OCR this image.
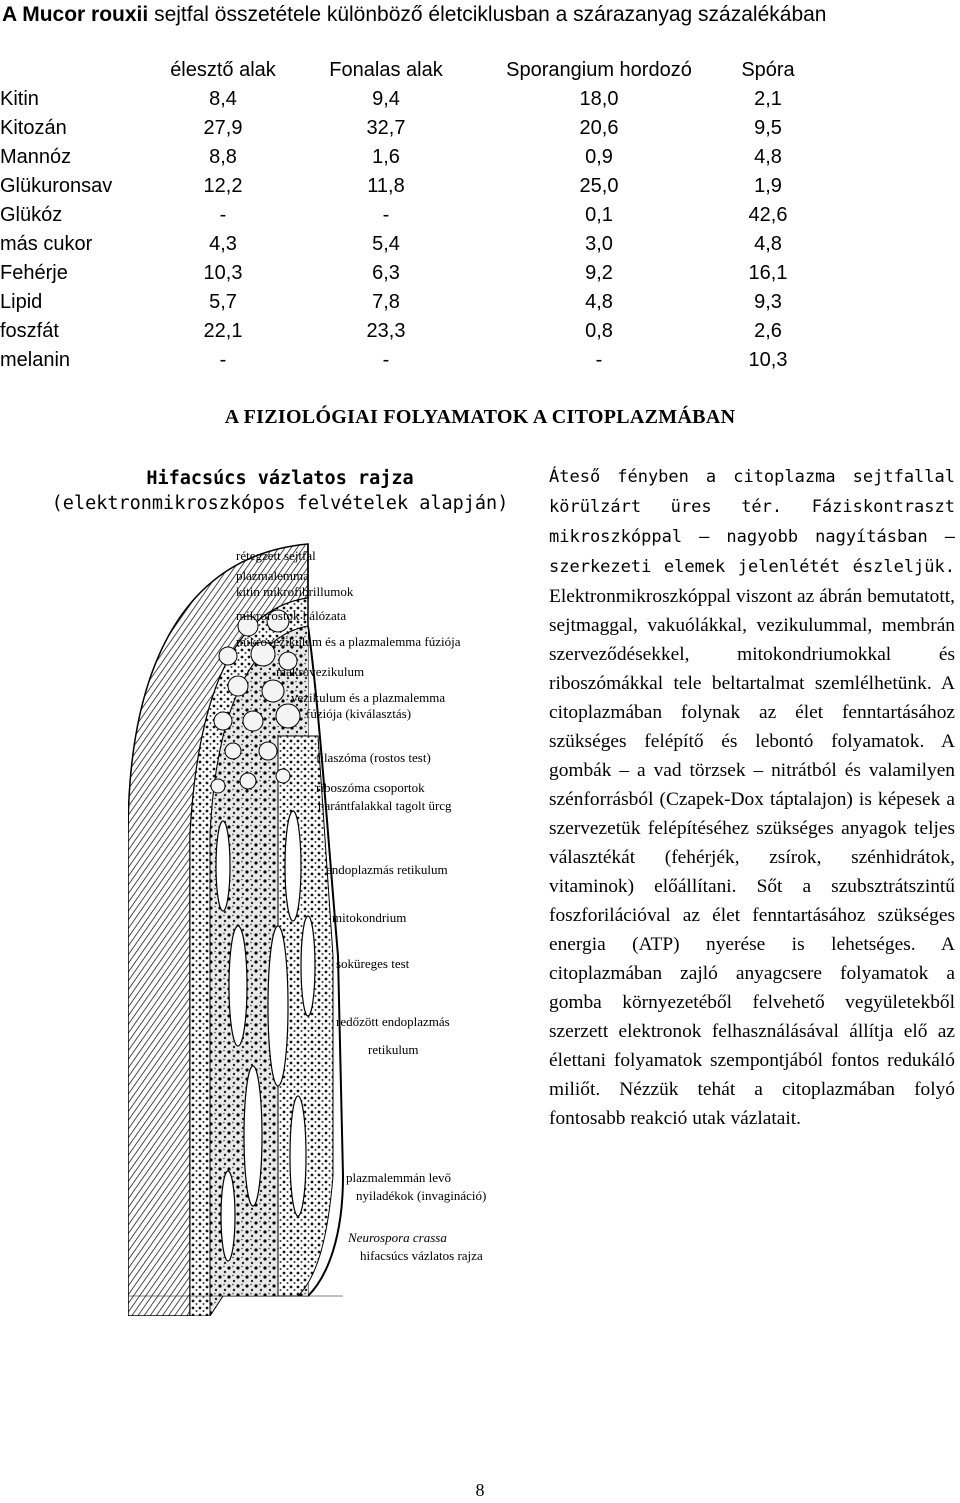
A Mucor rouxii sejtfal összetétele különböző életciklusban a szárazanyag százalékában
	élesztő alak	Fonalas alak	Sporangium hordozó	Spóra
Kitin	8,4	9,4	18,0	2,1
Kitozán	27,9	32,7	20,6	9,5
Mannóz	8,8	1,6	0,9	4,8
Glükuronsav	12,2	11,8	25,0	1,9
Glükóz	-	-	0,1	42,6
más cukor	4,3	5,4	3,0	4,8
Fehérje	10,3	6,3	9,2	16,1
Lipid	5,7	7,8	4,8	9,3
foszfát	22,1	23,3	0,8	2,6
melanin	-	-	-	10,3
A FIZIOLÓGIAI FOLYAMATOK A CITOPLAZMÁBAN
Hifacsúcs vázlatos rajza
(elektronmikroszkópos felvételek alapján)
rétegzett sejtfal
plazmalemma
kitin mikrofibrillumok
mikrorostok hálózata
mikrovezikulum és a plazmalemma fúziója
makrovezikulum
vezikulum és a plazmalemma
fúziója (kiválasztás)
filaszóma (rostos test)
riboszóma csoportok
harántfalakkal tagolt ürcg
endoplazmás retikulum
mitokondrium
soküreges test
redőzött endoplazmás
retikulum
plazmalemmán levő
nyiladékok (invagináció)
Neurospora crassa
hifacsúcs vázlatos rajza
Áteső fényben a citoplazma sejtfallal körülzárt üres tér. Fáziskontraszt mikroszkóppal – nagyobb nagyításban – szerkezeti elemek jelenlétét észleljük. Elektronmikroszkóppal viszont az ábrán bemutatott, sejtmaggal, vakuólákkal, vezikulummal, membrán szerveződésekkel, mitokondriumokkal és riboszómákkal tele beltartalmat szemlélhetünk. A citoplazmában folynak az élet fenntartásához szükséges felépítő és lebontó folyamatok. A gombák – a vad törzsek – nitrátból és valamilyen szénforrásból (Czapek-Dox táptalajon) is képesek a szervezetük felépítéséhez szükséges anyagok teljes választékát (fehérjék, zsírok, szénhidrátok, vitaminok) előállítani. Sőt a szubsztrátszintű foszforilációval az élet fenntartásához szükséges energia (ATP) nyerése is lehetséges. A citoplazmában zajló anyagcsere folyamatok a gomba környezetéből felvehető vegyületekből szerzett elektronok felhasználásával állítja elő az élettani folyamatok szempontjából fontos redukáló miliőt. Nézzük tehát a citoplazmában folyó fontosabb reakció utak vázlatait.
8
